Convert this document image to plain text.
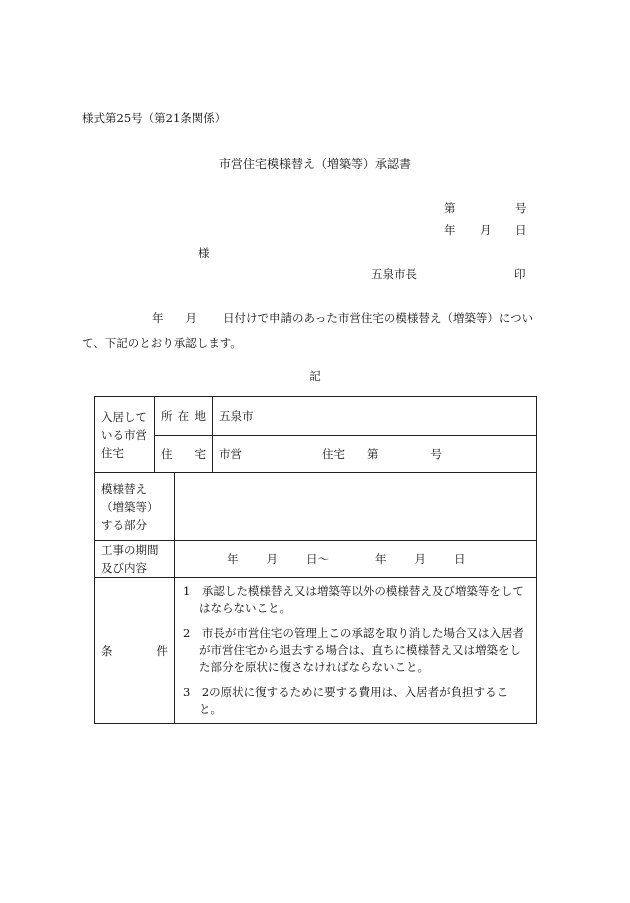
様式第25号（第21条関係）
市営住宅模様替え（増築等）承認書
第	号
年 月 日
様
五泉市長	印
年 月 日付けで申請のあった市営住宅の模様替え（増築等）につい
て、下記のとおり承認します。
記
入居している市営住宅	所 在 地		五泉市

	住 宅		市営 住宅 第 号
模様替え（増築等）する部分			
工事の期間及び内容		年 月 日～ 年 月 日	

条 件		1　承認した模様替え又は増築等以外の模様替え及び増築等をしてはならないこと。
2　市長が市営住宅の管理上この承認を取り消した場合又は入居者が市営住宅から退去する場合は、直ちに模様替え又は増築をした部分を原状に復さなければならないこと。
3　2の原状に復するために要する費用は、入居者が負担すること。	
